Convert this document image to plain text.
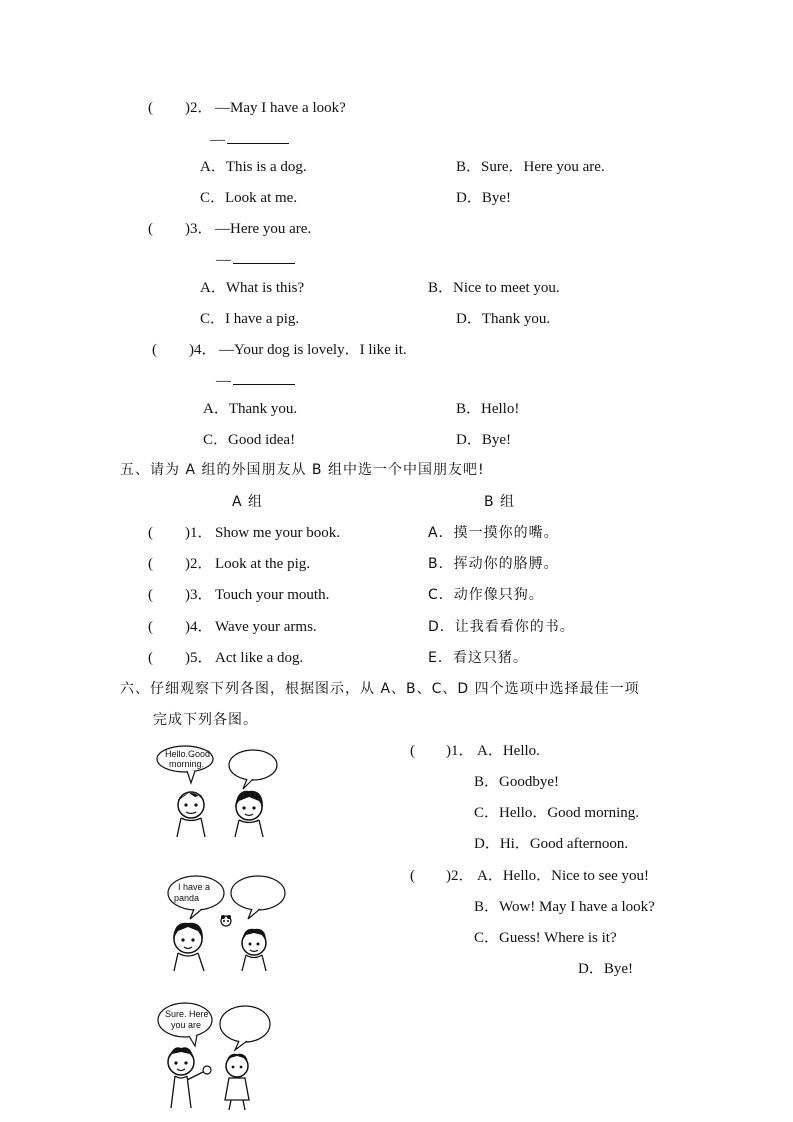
( )2． —May I have a look?
—
A．This is a dog.	B．Sure．Here you are.
C．Look at me.	D．Bye!
( )3． —Here you are.
—
A．What is this?	B．Nice to meet you.
C．I have a pig.	D．Thank you.
( )4． —Your dog is lovely．I like it.
—
A．Thank you.	B．Hello!
C．Good idea!	D．Bye!
五、请为 A 组的外国朋友从 B 组中选一个中国朋友吧!
A 组	B 组
( )1． Show me your book.	A．摸一摸你的嘴。
( )2． Look at the pig.	B．挥动你的胳膊。
( )3． Touch your mouth.	C．动作像只狗。
( )4． Wave your arms.	D．让我看看你的书。
( )5． Act like a dog.	E．看这只猪。
六、仔细观察下列各图，根据图示，从 A、B、C、D 四个选项中选择最佳一项
完成下列各图。
Hello.Good
morning.
I have a
panda
Sure. Here
you are
( )1． A．Hello.
B．Goodbye!
C．Hello．Good morning.
D．Hi．Good afternoon.
( )2． A．Hello．Nice to see you!
B．Wow! May I have a look?
C．Guess! Where is it?
D．Bye!
